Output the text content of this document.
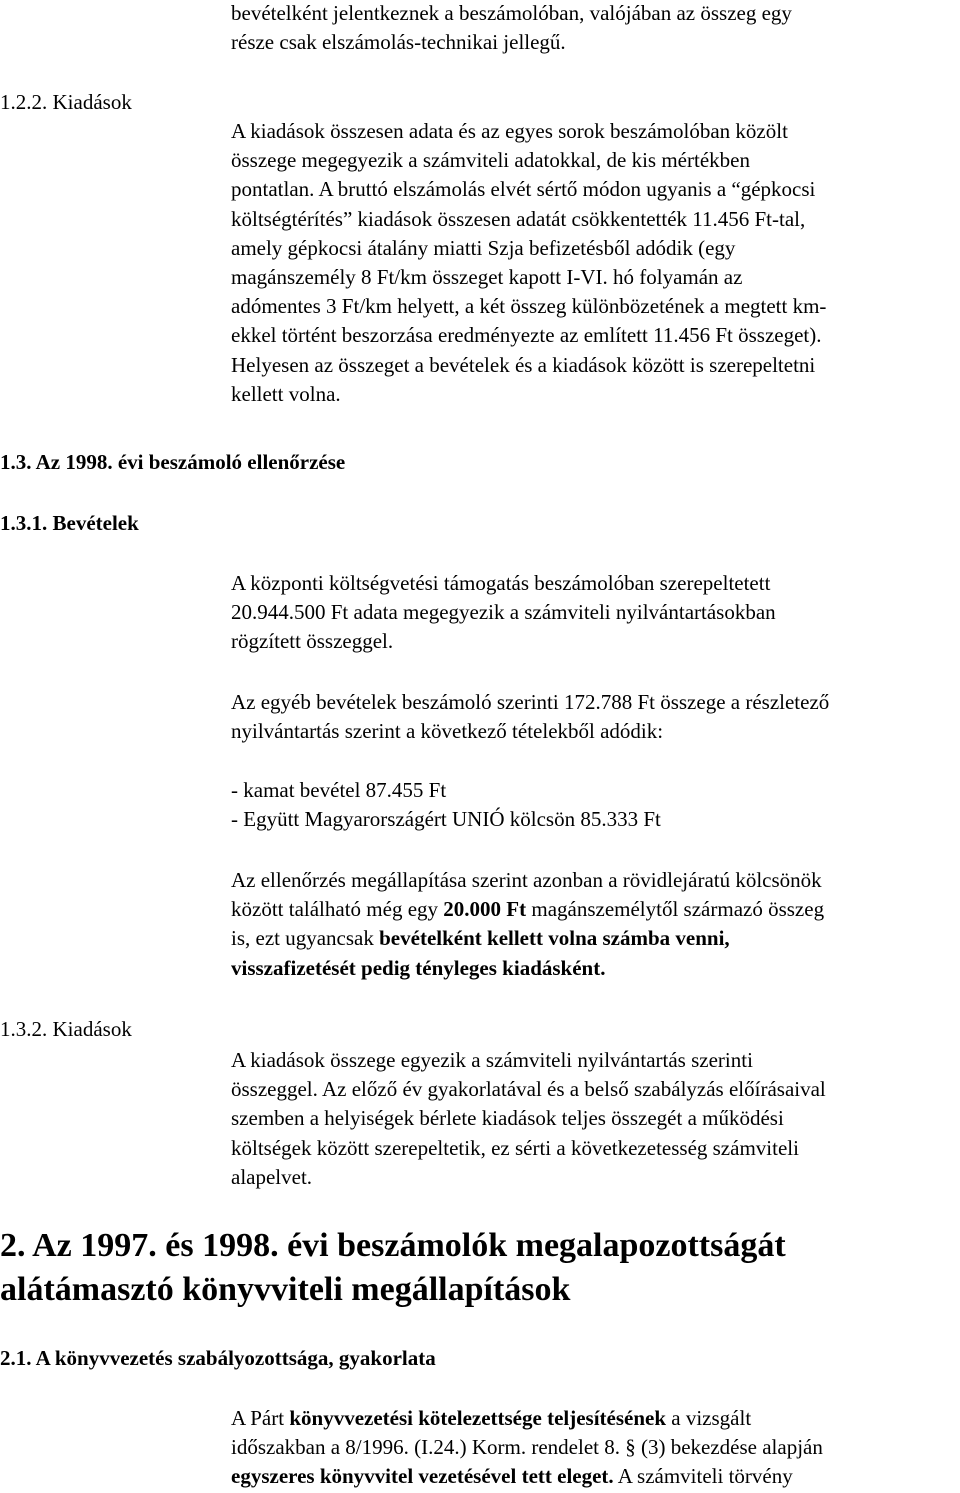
bevételként jelentkeznek a beszámolóban, valójában az összeg egy
része csak elszámolás-technikai jellegű.
1.2.2. Kiadások
A kiadások összesen adata és az egyes sorok beszámolóban közölt
összege megegyezik a számviteli adatokkal, de kis mértékben
pontatlan. A bruttó elszámolás elvét sértő módon ugyanis a “gépkocsi
költségtérítés” kiadások összesen adatát csökkentették 11.456 Ft-tal,
amely gépkocsi átalány miatti Szja befizetésből adódik (egy
magánszemély 8 Ft/km összeget kapott I-VI. hó folyamán az
adómentes 3 Ft/km helyett, a két összeg különbözetének a megtett km-
ekkel történt beszorzása eredményezte az említett 11.456 Ft összeget).
Helyesen az összeget a bevételek és a kiadások között is szerepeltetni
kellett volna.
1.3. Az 1998. évi beszámoló ellenőrzése
1.3.1. Bevételek
A központi költségvetési támogatás beszámolóban szerepeltetett
20.944.500 Ft adata megegyezik a számviteli nyilvántartásokban
rögzített összeggel.
Az egyéb bevételek beszámoló szerinti 172.788 Ft összege a részletező
nyilvántartás szerint a következő tételekből adódik:
- kamat bevétel 87.455 Ft
- Együtt Magyarországért UNIÓ kölcsön 85.333 Ft
Az ellenőrzés megállapítása szerint azonban a rövidlejáratú kölcsönök
között található még egy 20.000 Ft magánszemélytől származó összeg
is, ezt ugyancsak bevételként kellett volna számba venni,
visszafizetését pedig tényleges kiadásként.
1.3.2. Kiadások
A kiadások összege egyezik a számviteli nyilvántartás szerinti
összeggel. Az előző év gyakorlatával és a belső szabályzás előírásaival
szemben a helyiségek bérlete kiadások teljes összegét a működési
költségek között szerepeltetik, ez sérti a következetesség számviteli
alapelvet.
2. Az 1997. és 1998. évi beszámolók megalapozottságát
alátámasztó könyvviteli megállapítások
2.1. A könyvvezetés szabályozottsága, gyakorlata
A Párt könyvvezetési kötelezettsége teljesítésének a vizsgált
időszakban a 8/1996. (I.24.) Korm. rendelet 8. § (3) bekezdése alapján
egyszeres könyvvitel vezetésével tett eleget. A számviteli törvény
